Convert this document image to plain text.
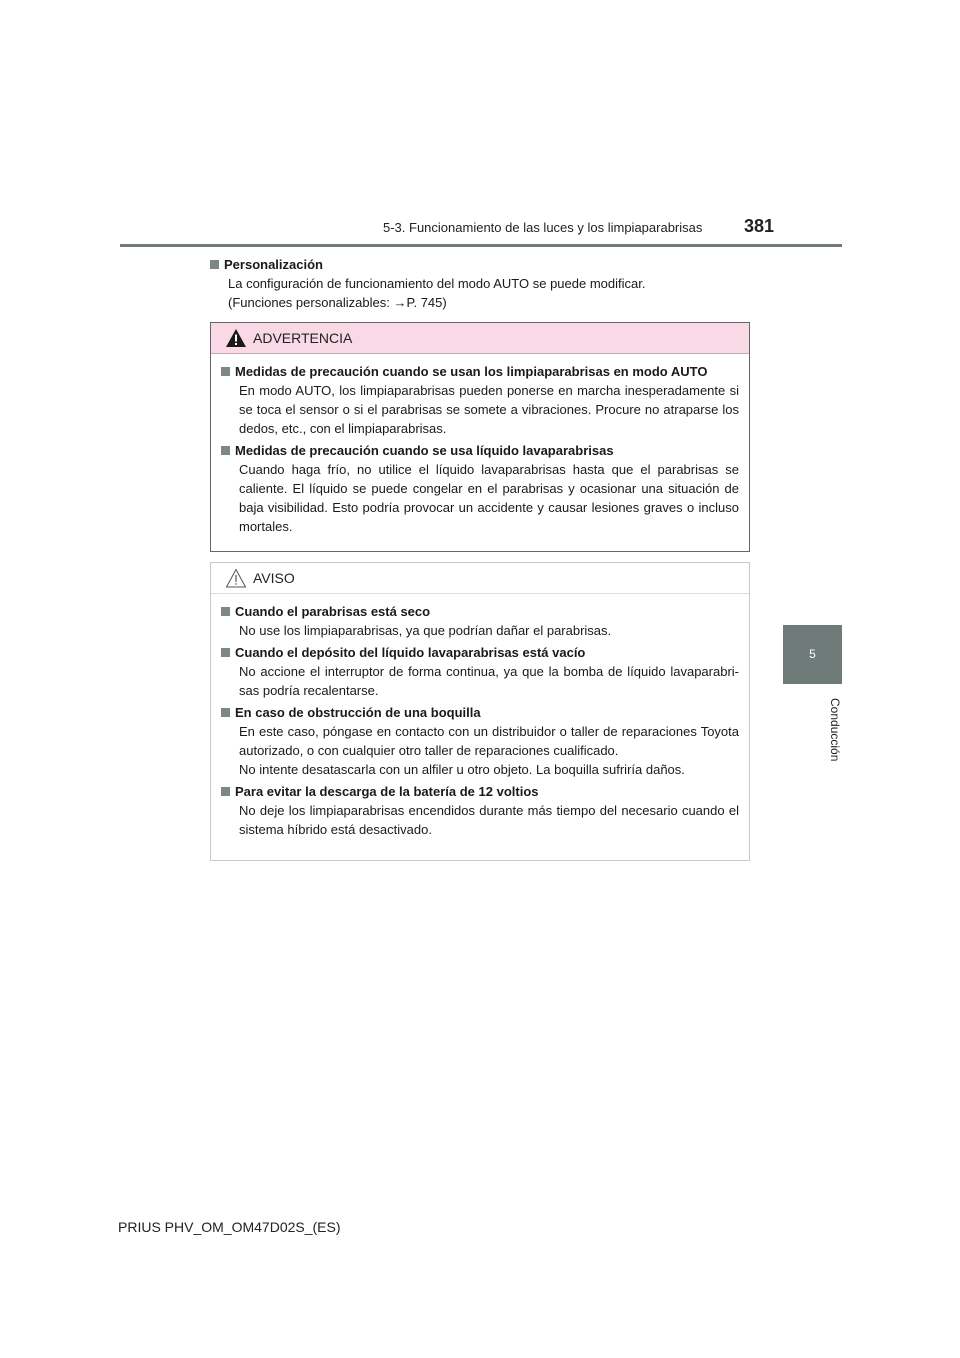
5-3. Funcionamiento de las luces y los limpiaparabrisas 381
5
Conducción
Personalización
La configuración de funcionamiento del modo AUTO se puede modificar.
(Funciones personalizables: →P. 745)
ADVERTENCIA

Medidas de precaución cuando se usan los limpiaparabrisas en modo AUTO

En modo AUTO, los limpiaparabrisas pueden ponerse en marcha inesperadamente si se toca el sensor o si el parabrisas se somete a vibraciones. Procure no atraparse los dedos, etc., con el limpiaparabrisas.

Medidas de precaución cuando se usa líquido lavaparabrisas

Cuando haga frío, no utilice el líquido lavaparabrisas hasta que el parabrisas se caliente. El líquido se puede congelar en el parabrisas y ocasionar una situación de baja visibilidad. Esto podría provocar un accidente y causar lesiones graves o incluso mortales.

AVISO

Cuando el parabrisas está seco

No use los limpiaparabrisas, ya que podrían dañar el parabrisas.

Cuando el depósito del líquido lavaparabrisas está vacío

No accione el interruptor de forma continua, ya que la bomba de líquido lavaparabri-sas podría recalentarse.

En caso de obstrucción de una boquilla

En este caso, póngase en contacto con un distribuidor o taller de reparaciones Toyota autorizado, o con cualquier otro taller de reparaciones cualificado.

No intente desatascarla con un alfiler u otro objeto. La boquilla sufriría daños.

Para evitar la descarga de la batería de 12 voltios

No deje los limpiaparabrisas encendidos durante más tiempo del necesario cuando el sistema híbrido está desactivado.

PRIUS PHV_OM_OM47D02S_(ES)
